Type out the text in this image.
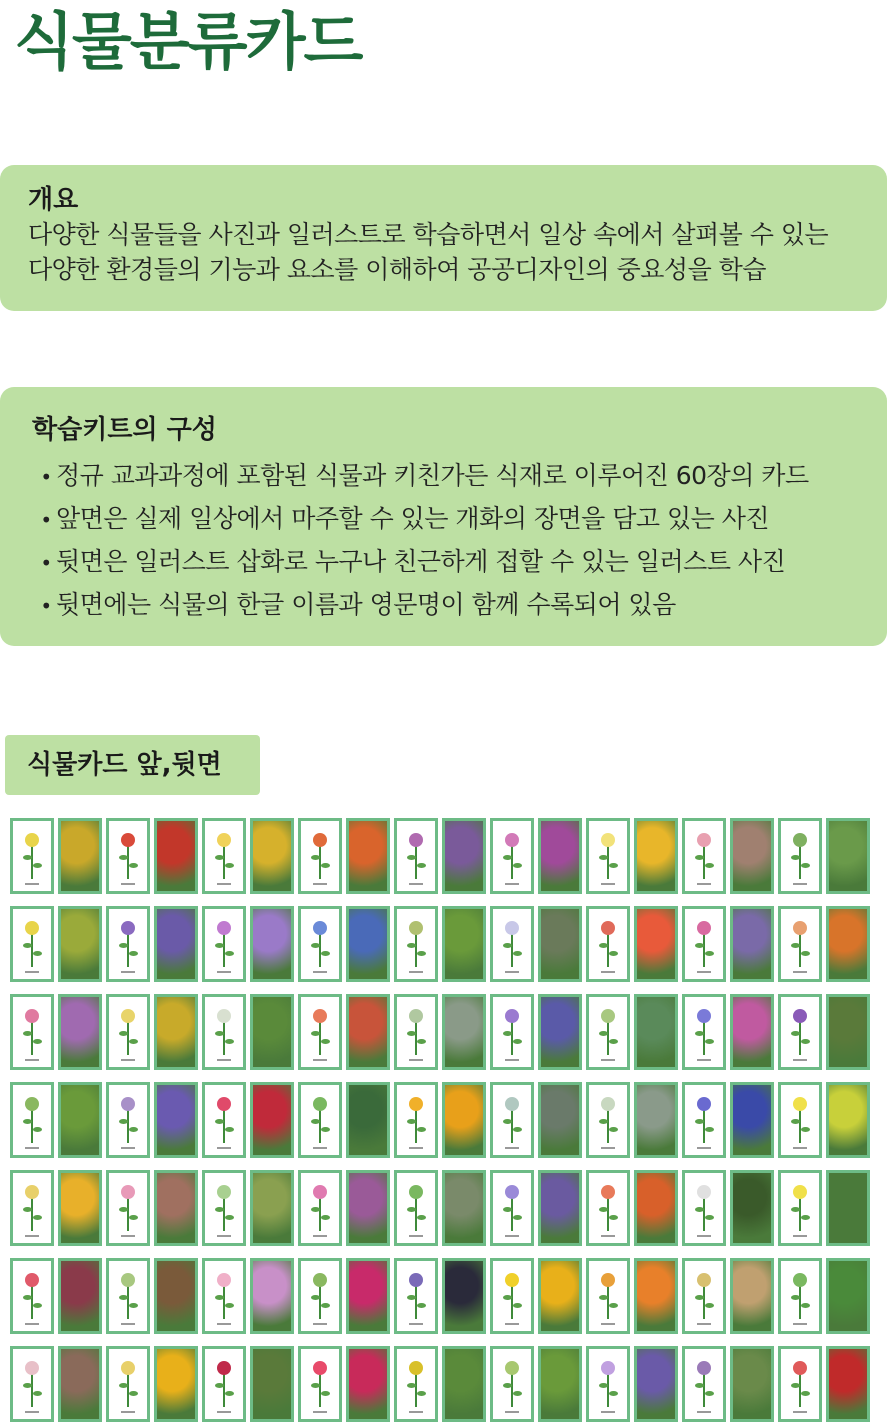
식물분류카드
개요
다양한 식물들을 사진과 일러스트로 학습하면서 일상 속에서 살펴볼 수 있는
다양한 환경들의 기능과 요소를 이해하여 공공디자인의 중요성을 학습
학습키트의 구성
• 정규 교과과정에 포함된 식물과 키친가든 식재로 이루어진 60장의 카드
• 앞면은 실제 일상에서 마주할 수 있는 개화의 장면을 담고 있는 사진
• 뒷면은 일러스트 삽화로 누구나 친근하게 접할 수 있는 일러스트 사진
• 뒷면에는 식물의 한글 이름과 영문명이 함께 수록되어 있음
식물카드 앞,뒷면
